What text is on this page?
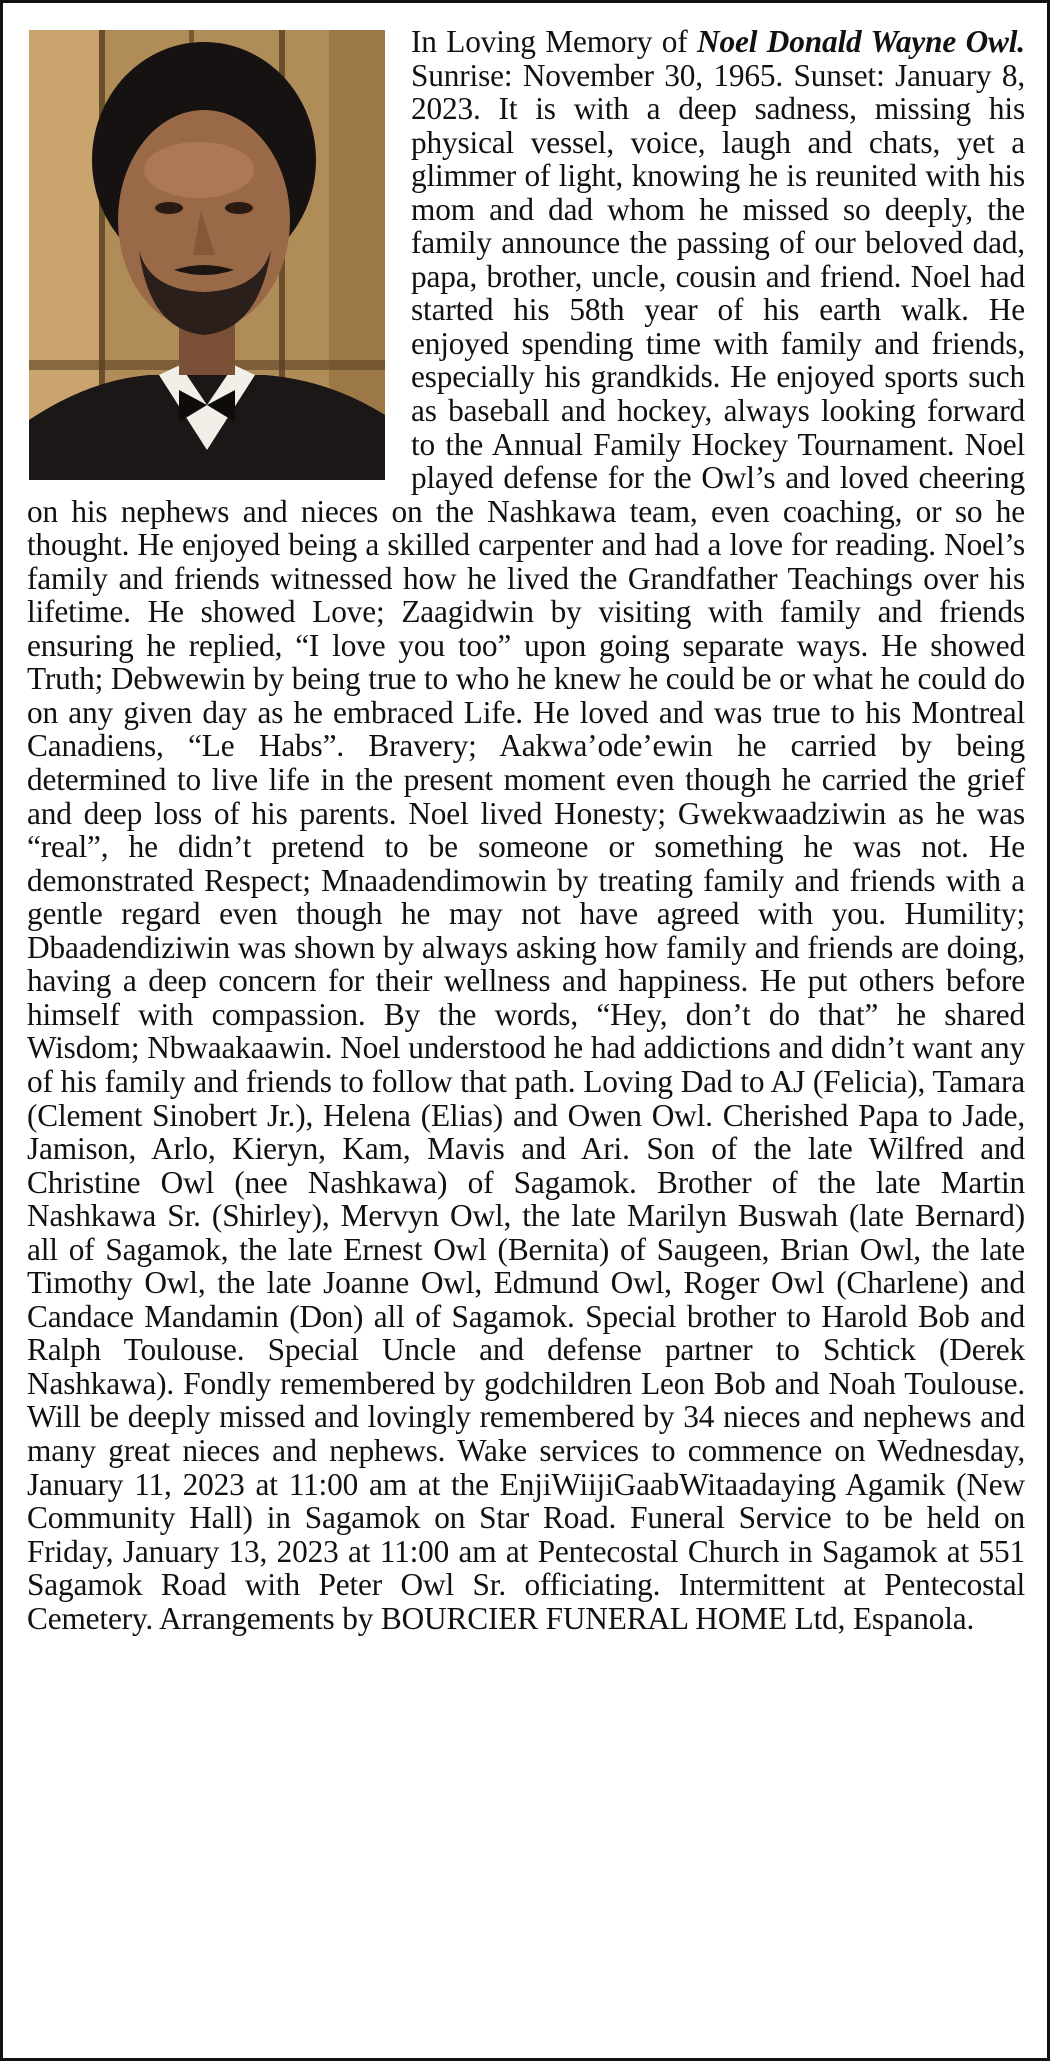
In Loving Memory of Noel Donald Wayne Owl. Sunrise: November 30, 1965. Sunset: January 8, 2023. It is with a deep sadness, missing his physical vessel, voice, laugh and chats, yet a glimmer of light, knowing he is reunited with his mom and dad whom he missed so deeply, the family announce the passing of our beloved dad, papa, brother, uncle, cousin and friend. Noel had started his 58th year of his earth walk. He enjoyed spending time with family and friends, especially his grandkids. He enjoyed sports such as baseball and hockey, always looking forward to the Annual Family Hockey Tournament. Noel played defense for the Owl’s and loved cheering on his nephews and nieces on the Nashkawa team, even coaching, or so he thought. He enjoyed being a skilled carpenter and had a love for reading. Noel’s family and friends witnessed how he lived the Grandfather Teachings over his lifetime. He showed Love; Zaagidwin by visiting with family and friends ensuring he replied, “I love you too” upon going separate ways. He showed Truth; Debwewin by being true to who he knew he could be or what he could do on any given day as he embraced Life. He loved and was true to his Montreal Canadiens, “Le Habs”. Bravery; Aakwa’ode’ewin he carried by being determined to live life in the present moment even though he carried the grief and deep loss of his parents. Noel lived Honesty; Gwekwaadziwin as he was “real”, he didn’t pretend to be someone or something he was not. He demonstrated Respect; Mnaadendimowin by treating family and friends with a gentle regard even though he may not have agreed with you. Humility; Dbaadendiziwin was shown by always asking how family and friends are doing, having a deep concern for their wellness and happiness. He put others before himself with compassion. By the words, “Hey, don’t do that” he shared Wisdom; Nbwaakaawin. Noel understood he had addictions and didn’t want any of his family and friends to follow that path. Loving Dad to AJ (Felicia), Tamara (Clement Sinobert Jr.), Helena (Elias) and Owen Owl. Cherished Papa to Jade, Jamison, Arlo, Kieryn, Kam, Mavis and Ari. Son of the late Wilfred and Christine Owl (nee Nashkawa) of Sagamok. Brother of the late Martin Nashkawa Sr. (Shirley), Mervyn Owl, the late Marilyn Buswah (late Bernard) all of Sagamok, the late Ernest Owl (Bernita) of Saugeen, Brian Owl, the late Timothy Owl, the late Joanne Owl, Edmund Owl, Roger Owl (Charlene) and Candace Mandamin (Don) all of Sagamok. Special brother to Harold Bob and Ralph Toulouse. Special Uncle and defense partner to Schtick (Derek Nashkawa). Fondly remembered by godchildren Leon Bob and Noah Toulouse. Will be deeply missed and lovingly remembered by 34 nieces and nephews and many great nieces and nephews. Wake services to commence on Wednesday, January 11, 2023 at 11:00 am at the EnjiWiijiGaabWitaadaying Agamik (New Community Hall) in Sagamok on Star Road. Funeral Service to be held on Friday, January 13, 2023 at 11:00 am at Pentecostal Church in Sagamok at 551 Sagamok Road with Peter Owl Sr. officiating. Intermittent at Pentecostal Cemetery. Arrangements by BOURCIER FUNERAL HOME Ltd, Espanola.
